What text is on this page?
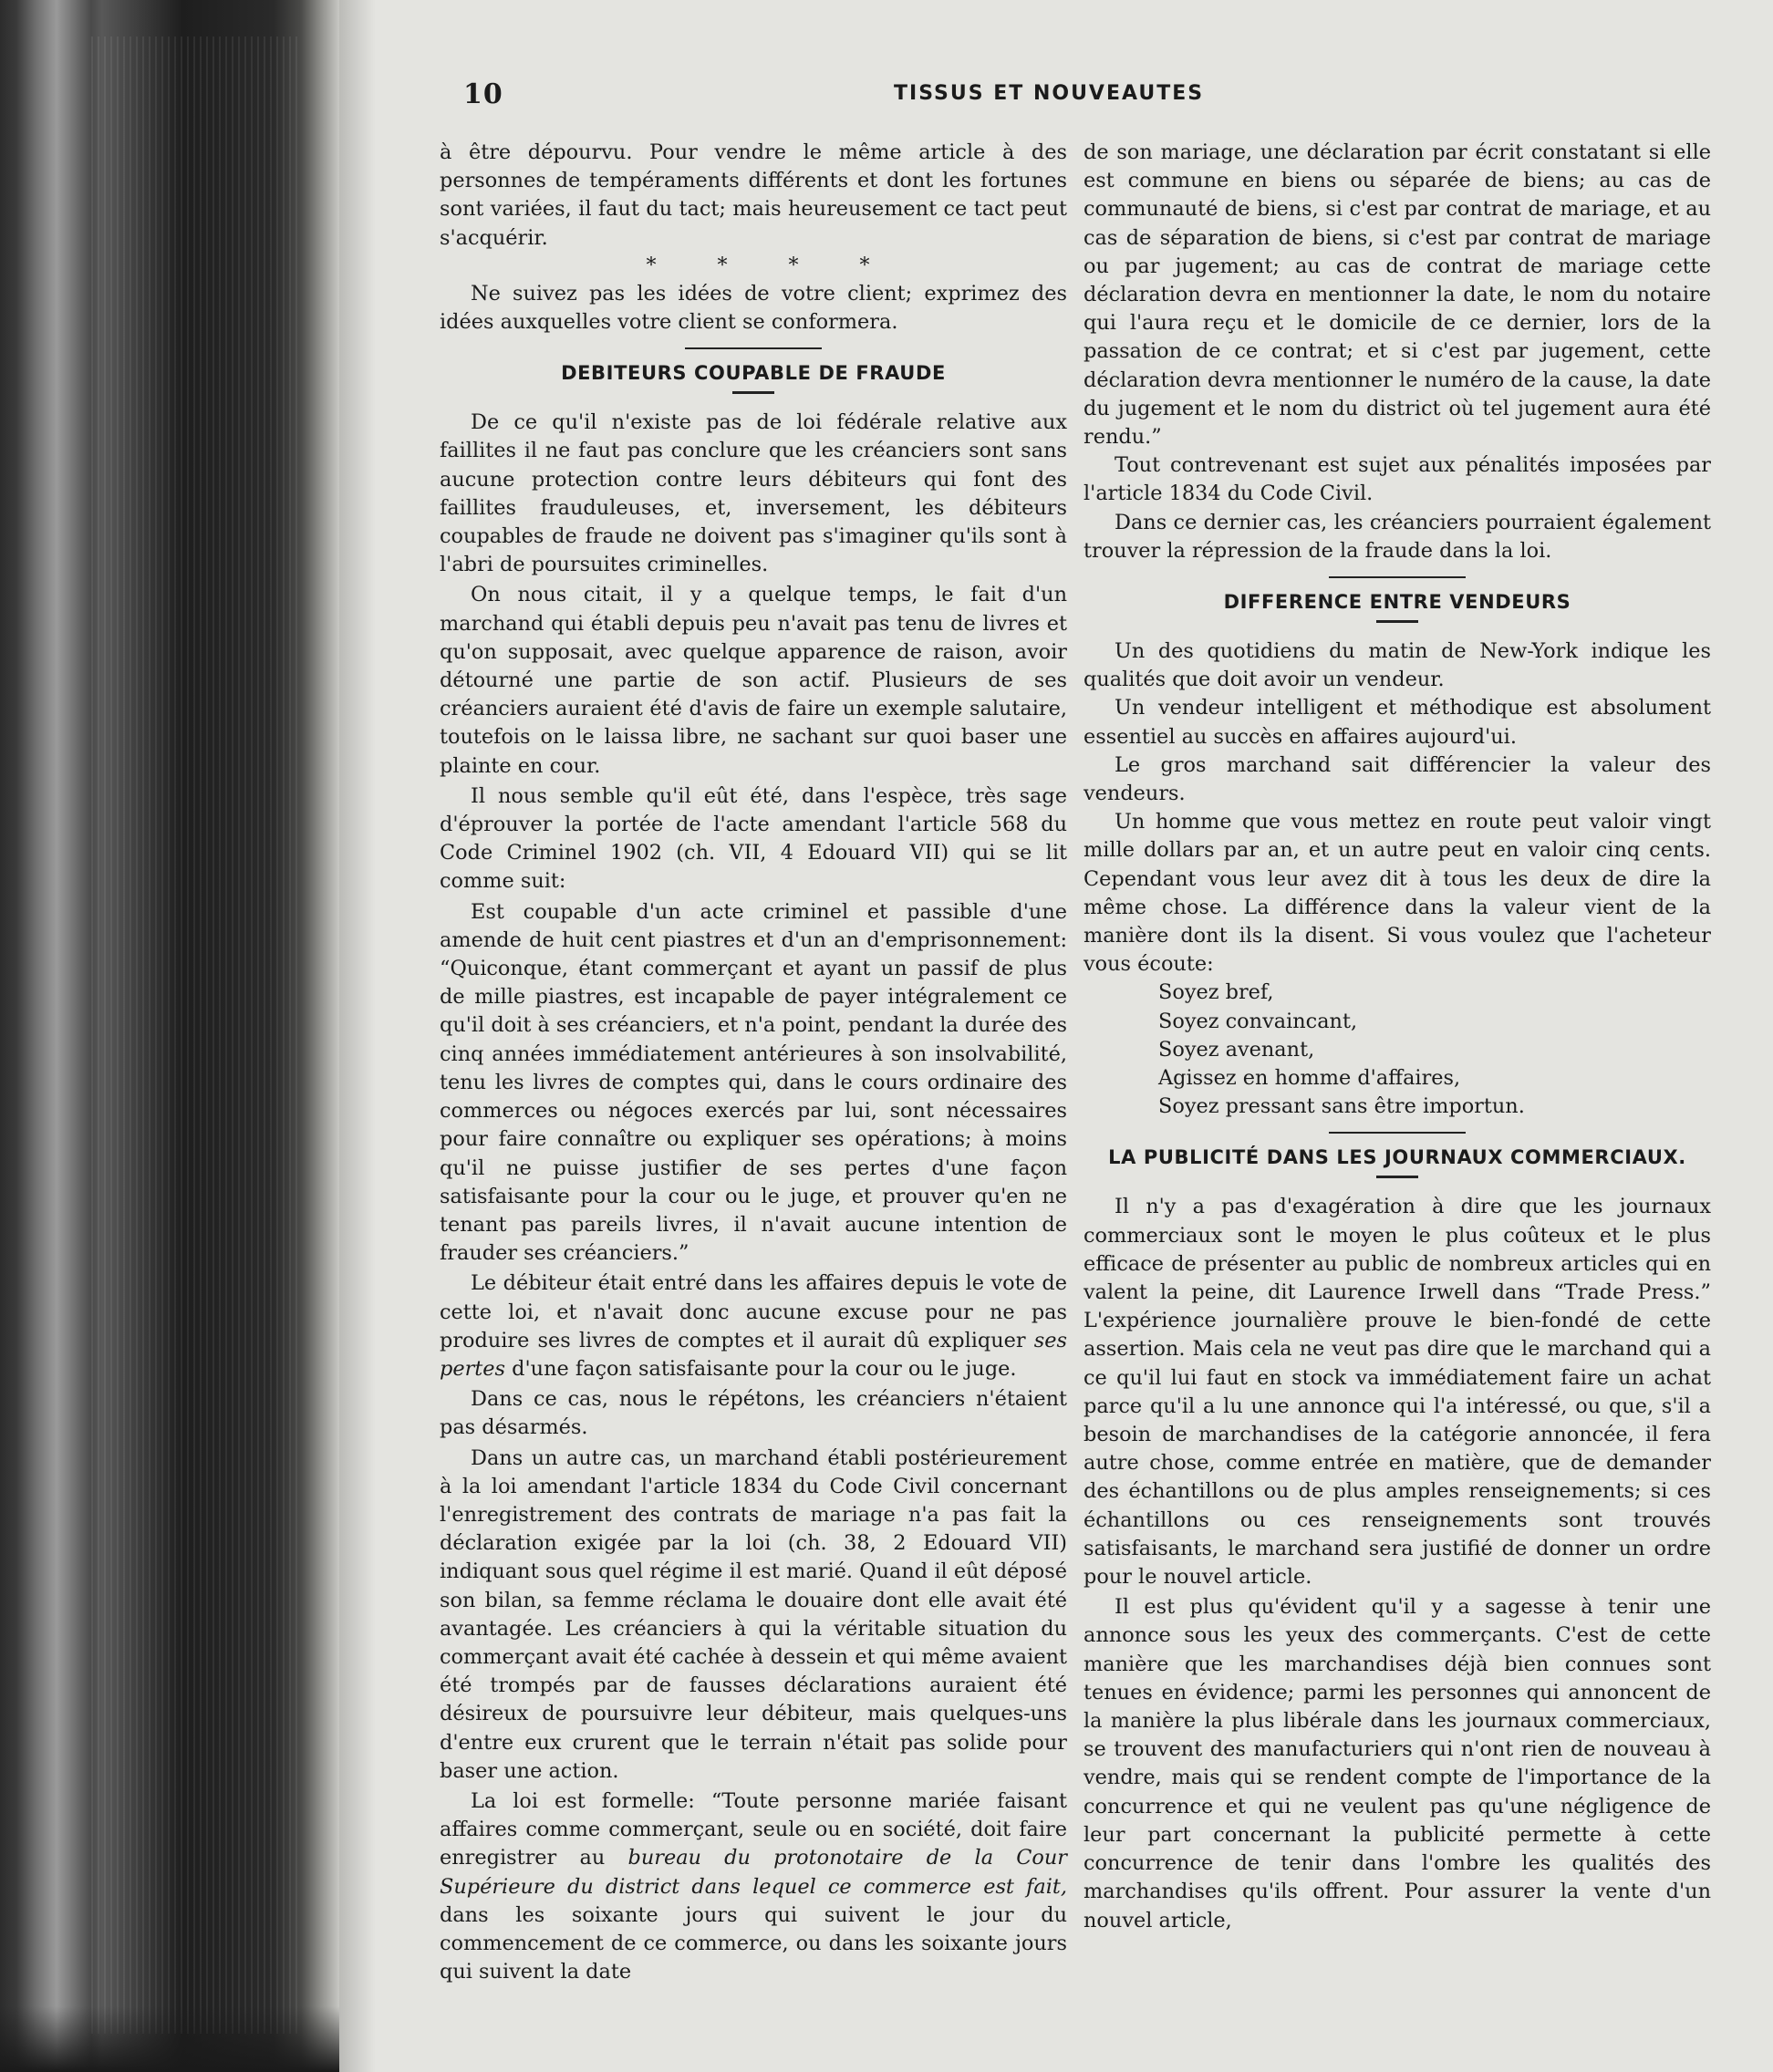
10	TISSUS ET NOUVEAUTES

à être dépourvu. Pour vendre le même article à des personnes de tempéraments différents et dont les fortunes sont variées, il faut du tact; mais heureusement ce tact peut s'acquérir.

* * * *

Ne suivez pas les idées de votre client; exprimez des idées auxquelles votre client se conformera.

DEBITEURS COUPABLE DE FRAUDE

De ce qu'il n'existe pas de loi fédérale relative aux faillites il ne faut pas conclure que les créanciers sont sans aucune protection contre leurs débiteurs qui font des faillites frauduleuses, et, inversement, les débiteurs coupables de fraude ne doivent pas s'imaginer qu'ils sont à l'abri de poursuites criminelles.

On nous citait, il y a quelque temps, le fait d'un marchand qui établi depuis peu n'avait pas tenu de livres et qu'on supposait, avec quelque apparence de raison, avoir détourné une partie de son actif. Plusieurs de ses créanciers auraient été d'avis de faire un exemple salutaire, toutefois on le laissa libre, ne sachant sur quoi baser une plainte en cour.

Il nous semble qu'il eût été, dans l'espèce, très sage d'éprouver la portée de l'acte amendant l'article 568 du Code Criminel 1902 (ch. VII, 4 Edouard VII) qui se lit comme suit:

Est coupable d'un acte criminel et passible d'une amende de huit cent piastres et d'un an d'emprisonnement: “Quiconque, étant commerçant et ayant un passif de plus de mille piastres, est incapable de payer intégralement ce qu'il doit à ses créanciers, et n'a point, pendant la durée des cinq années immédiatement antérieures à son insolvabilité, tenu les livres de comptes qui, dans le cours ordinaire des commerces ou négoces exercés par lui, sont nécessaires pour faire connaître ou expliquer ses opérations; à moins qu'il ne puisse justifier de ses pertes d'une façon satisfaisante pour la cour ou le juge, et prouver qu'en ne tenant pas pareils livres, il n'avait aucune intention de frauder ses créanciers.”

Le débiteur était entré dans les affaires depuis le vote de cette loi, et n'avait donc aucune excuse pour ne pas produire ses livres de comptes et il aurait dû expliquer ses pertes d'une façon satisfaisante pour la cour ou le juge.

Dans ce cas, nous le répétons, les créanciers n'étaient pas désarmés.

Dans un autre cas, un marchand établi postérieurement à la loi amendant l'article 1834 du Code Civil concernant l'enregistrement des contrats de mariage n'a pas fait la déclaration exigée par la loi (ch. 38, 2 Edouard VII) indiquant sous quel régime il est marié. Quand il eût déposé son bilan, sa femme réclama le douaire dont elle avait été avantagée. Les créanciers à qui la véritable situation du commerçant avait été cachée à dessein et qui même avaient été trompés par de fausses déclarations auraient été désireux de poursuivre leur débiteur, mais quelques-uns d'entre eux crurent que le terrain n'était pas solide pour baser une action.

La loi est formelle: “Toute personne mariée faisant affaires comme commerçant, seule ou en société, doit faire enregistrer au bureau du protonotaire de la Cour Supérieure du district dans lequel ce commerce est fait, dans les soixante jours qui suivent le jour du commencement de ce commerce, ou dans les soixante jours qui suivent la date

de son mariage, une déclaration par écrit constatant si elle est commune en biens ou séparée de biens; au cas de communauté de biens, si c'est par contrat de mariage, et au cas de séparation de biens, si c'est par contrat de mariage ou par jugement; au cas de contrat de mariage cette déclaration devra en mentionner la date, le nom du notaire qui l'aura reçu et le domicile de ce dernier, lors de la passation de ce contrat; et si c'est par jugement, cette déclaration devra mentionner le numéro de la cause, la date du jugement et le nom du district où tel jugement aura été rendu.”

Tout contrevenant est sujet aux pénalités imposées par l'article 1834 du Code Civil.

Dans ce dernier cas, les créanciers pourraient également trouver la répression de la fraude dans la loi.

DIFFERENCE ENTRE VENDEURS

Un des quotidiens du matin de New-York indique les qualités que doit avoir un vendeur.

Un vendeur intelligent et méthodique est absolument essentiel au succès en affaires aujourd'ui.

Le gros marchand sait différencier la valeur des vendeurs.

Un homme que vous mettez en route peut valoir vingt mille dollars par an, et un autre peut en valoir cinq cents. Cependant vous leur avez dit à tous les deux de dire la même chose. La différence dans la valeur vient de la manière dont ils la disent. Si vous voulez que l'acheteur vous écoute:

Soyez bref,
Soyez convaincant,
Soyez avenant,
Agissez en homme d'affaires,
Soyez pressant sans être importun.
LA PUBLICITÉ DANS LES JOURNAUX COMMERCIAUX.

Il n'y a pas d'exagération à dire que les journaux commerciaux sont le moyen le plus coûteux et le plus efficace de présenter au public de nombreux articles qui en valent la peine, dit Laurence Irwell dans “Trade Press.” L'expérience journalière prouve le bien-fondé de cette assertion. Mais cela ne veut pas dire que le marchand qui a ce qu'il lui faut en stock va immédiatement faire un achat parce qu'il a lu une annonce qui l'a intéressé, ou que, s'il a besoin de marchandises de la catégorie annoncée, il fera autre chose, comme entrée en matière, que de demander des échantillons ou de plus amples renseignements; si ces échantillons ou ces renseignements sont trouvés satisfaisants, le marchand sera justifié de donner un ordre pour le nouvel article.

Il est plus qu'évident qu'il y a sagesse à tenir une annonce sous les yeux des commerçants. C'est de cette manière que les marchandises déjà bien connues sont tenues en évidence; parmi les personnes qui annoncent de la manière la plus libérale dans les journaux commerciaux, se trouvent des manufacturiers qui n'ont rien de nouveau à vendre, mais qui se rendent compte de l'importance de la concurrence et qui ne veulent pas qu'une négligence de leur part concernant la publicité permette à cette concurrence de tenir dans l'ombre les qualités des marchandises qu'ils offrent. Pour assurer la vente d'un nouvel article,
